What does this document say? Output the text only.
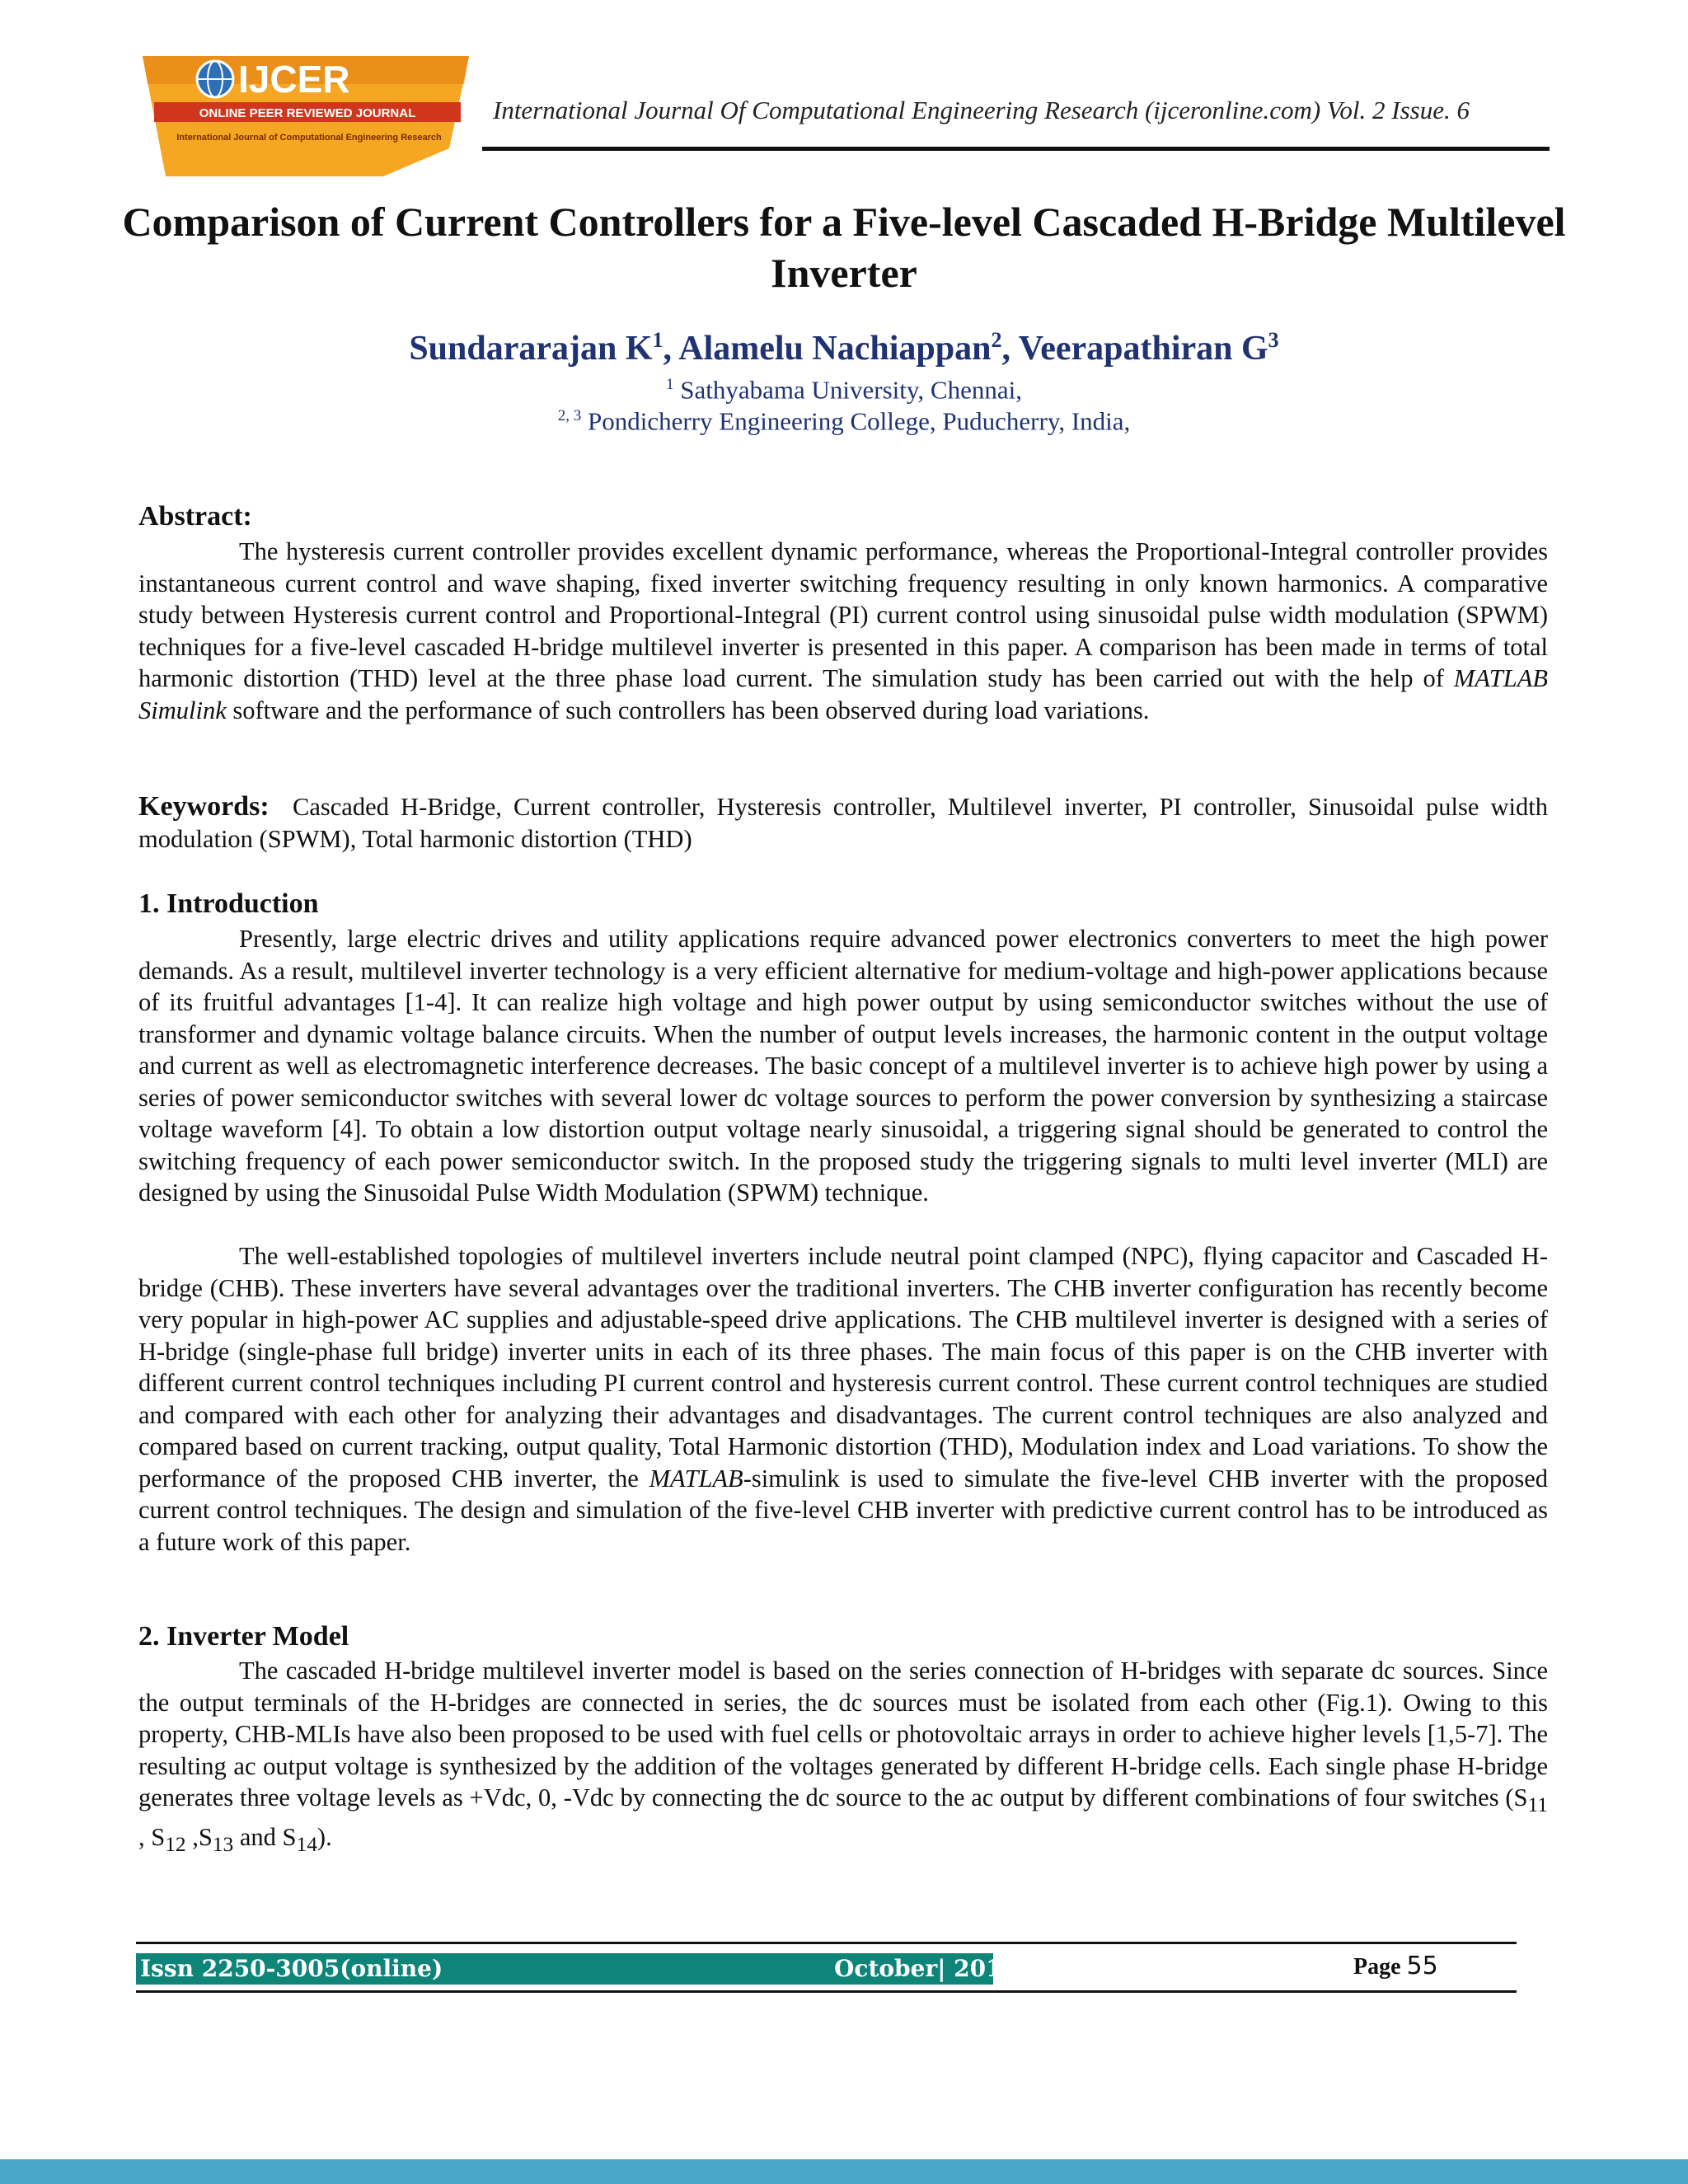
IJCER
ONLINE PEER REVIEWED JOURNAL
International Journal of Computational Engineering Research
International Journal Of Computational Engineering Research (ijceronline.com) Vol. 2 Issue. 6
Comparison of Current Controllers for a Five-level Cascaded H-Bridge Multilevel Inverter
Sundararajan $K^1$, Alamelu Nachiappan$^2$, Veerapathiran $G^3$
$^1$ Sathyabama University, Chennai,
$^{2, 3}$ Pondicherry Engineering College, Puducherry, India,
Abstract:
The hysteresis current controller provides excellent dynamic performance, whereas the Proportional-Integral controller provides instantaneous current control and wave shaping, fixed inverter switching frequency resulting in only known harmonics. A comparative study between Hysteresis current control and Proportional-Integral (PI) current control using sinusoidal pulse width modulation (SPWM) techniques for a five-level cascaded H-bridge multilevel inverter is presented in this paper. A comparison has been made in terms of total harmonic distortion (THD) level at the three phase load current. The simulation study has been carried out with the help of MATLAB Simulink software and the performance of such controllers has been observed during load variations.
Keywords: Cascaded H-Bridge, Current controller, Hysteresis controller, Multilevel inverter, PI controller, Sinusoidal pulse width modulation (SPWM), Total harmonic distortion (THD)
1. Introduction
Presently, large electric drives and utility applications require advanced power electronics converters to meet the high power demands. As a result, multilevel inverter technology is a very efficient alternative for medium-voltage and high-power applications because of its fruitful advantages [1-4]. It can realize high voltage and high power output by using semiconductor switches without the use of transformer and dynamic voltage balance circuits. When the number of output levels increases, the harmonic content in the output voltage and current as well as electromagnetic interference decreases. The basic concept of a multilevel inverter is to achieve high power by using a series of power semiconductor switches with several lower dc voltage sources to perform the power conversion by synthesizing a staircase voltage waveform [4]. To obtain a low distortion output voltage nearly sinusoidal, a triggering signal should be generated to control the switching frequency of each power semiconductor switch. In the proposed study the triggering signals to multi level inverter (MLI) are designed by using the Sinusoidal Pulse Width Modulation (SPWM) technique.
The well-established topologies of multilevel inverters include neutral point clamped (NPC), flying capacitor and Cascaded H-bridge (CHB). These inverters have several advantages over the traditional inverters. The CHB inverter configuration has recently become very popular in high-power AC supplies and adjustable-speed drive applications. The CHB multilevel inverter is designed with a series of H-bridge (single-phase full bridge) inverter units in each of its three phases. The main focus of this paper is on the CHB inverter with different current control techniques including PI current control and hysteresis current control. These current control techniques are studied and compared with each other for analyzing their advantages and disadvantages. The current control techniques are also analyzed and compared based on current tracking, output quality, Total Harmonic distortion (THD), Modulation index and Load variations. To show the performance of the proposed CHB inverter, the MATLAB-simulink is used to simulate the five-level CHB inverter with the proposed current control techniques. The design and simulation of the five-level CHB inverter with predictive current control has to be introduced as a future work of this paper.
2. Inverter Model
The cascaded H-bridge multilevel inverter model is based on the series connection of H-bridges with separate dc sources. Since the output terminals of the H-bridges are connected in series, the dc sources must be isolated from each other (Fig.1). Owing to this property, CHB-MLIs have also been proposed to be used with fuel cells or photovoltaic arrays in order to achieve higher levels [1,5-7]. The resulting ac output voltage is synthesized by the addition of the voltages generated by different H-bridge cells. Each single phase H-bridge generates three voltage levels as +Vdc, 0, -Vdc by connecting the dc source to the ac output by different combinations of four switches ($S_{11}$ , $S_{12}$ $,S_{13}$ and $S_{14}$).
Issn 2250-3005(online)	October| 2012	Page 55
